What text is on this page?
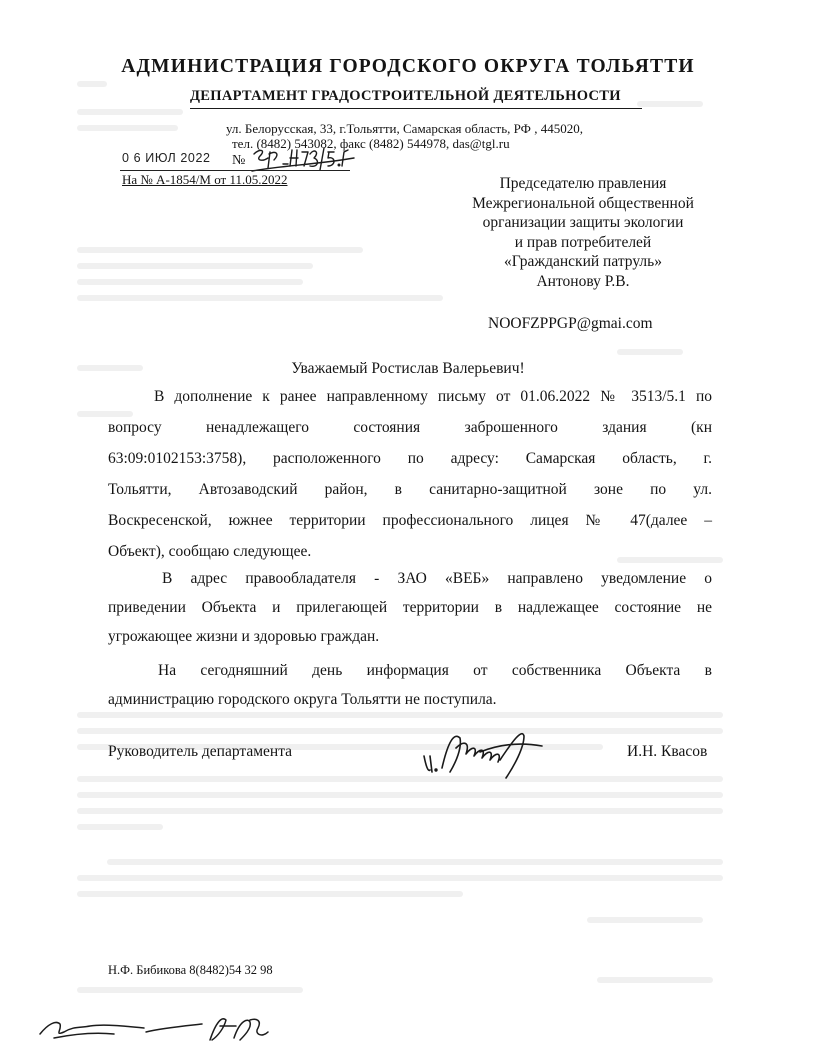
АДМИНИСТРАЦИЯ ГОРОДСКОГО ОКРУГА ТОЛЬЯТТИ
ДЕПАРТАМЕНТ ГРАДОСТРОИТЕЛЬНОЙ ДЕЯТЕЛЬНОСТИ
ул. Белорусская, 33, г.Тольятти, Самарская область, РФ , 445020,
тел. (8482) 543082, факс (8482) 544978, das@tgl.ru
0 6 ИЮЛ 2022 №
На № А-1854/М от 11.05.2022	Председателю правления
Межрегиональной общественной
организации защиты экологии
и прав потребителей
«Гражданский патруль»
Антонову Р.В.
NOOFZPPGP@gmai.com
Уважаемый Ростислав Валерьевич!
В дополнение к ранее направленному письму от 01.06.2022 № 3513/5.1 по
вопросу ненадлежащего состояния заброшенного здания (кн
63:09:0102153:3758), расположенного по адресу: Самарская область, г.
Тольятти, Автозаводский район, в санитарно-защитной зоне по ул.
Воскресенской, южнее территории профессионального лицея № 47(далее –
Объект), сообщаю следующее.
В адрес правообладателя - ЗАО «ВЕБ» направлено уведомление о
приведении Объекта и прилегающей территории в надлежащее состояние не
угрожающее жизни и здоровью граждан.
На сегодняшний день информация от собственника Объекта в
администрацию городского округа Тольятти не поступила.
Руководитель департамента	И.Н. Квасов
Н.Ф. Бибикова 8(8482)54 32 98
